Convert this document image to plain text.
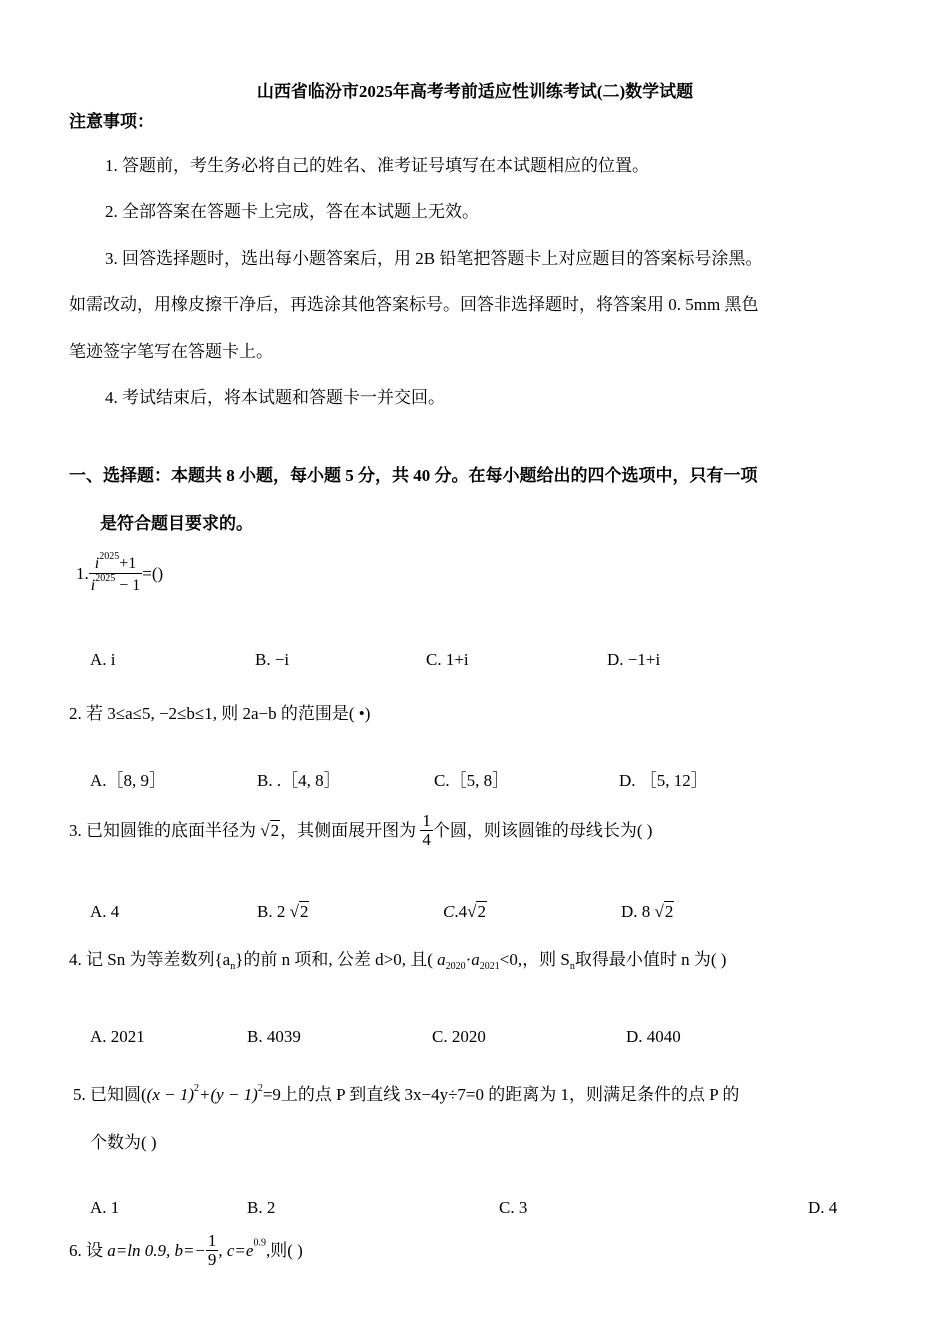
山西省临汾市2025年高考考前适应性训练考试(二)数学试题
注意事项：
1. 答题前，考生务必将自己的姓名、准考证号填写在本试题相应的位置。
2. 全部答案在答题卡上完成，答在本试题上无效。
3. 回答选择题时，选出每小题答案后，用 2B 铅笔把答题卡上对应题目的答案标号涂黑。
如需改动，用橡皮擦干净后，再选涂其他答案标号。回答非选择题时，将答案用 0. 5mm 黑色
笔迹签字笔写在答题卡上。
4. 考试结束后，将本试题和答题卡一并交回。
一、选择题：本题共 8 小题，每小题 5 分，共 40 分。在每小题给出的四个选项中，只有一项
是符合题目要求的。
1. $\frac{i^{2025}+1}{i^{2025} - 1}$ =()
A. i	B. −i	C. 1+i	D. −1+i
2. 若 3≤a≤5, −2≤b≤1, 则 2a−b 的范围是( •)
A.［8, 9］	B. .［4, 8］	C.［5, 8］	D. ［5, 12］
3. 已知圆锥的底面半径为 √2，其侧面展开图为 $\frac{1}{4}$ 个圆，则该圆锥的母线长为( )
A. 4	B. 2 √2	C.4√2	D. 8 √2
4. 记 Sn 为等差数列$\{a_n\}$的前 n 项和, 公差 d>0, 且( $a_{2020}\cdot a_{2021}<0$,，则 $S_n$取得最小值时 n 为( )
A. 2021	B. 4039	C. 2020	D. 4040
5. 已知圆($(x - 1)^2+(y - 1)^2=9$上的点 P 到直线 3x−4y÷7=0 的距离为 1，则满足条件的点 P 的
个数为( )
A. 1	B. 2	C. 3	D. 4
6. 设 a=ln 0.9, $b=- \frac{1}{9}$ , $c=e^{0.9}$,则( )
